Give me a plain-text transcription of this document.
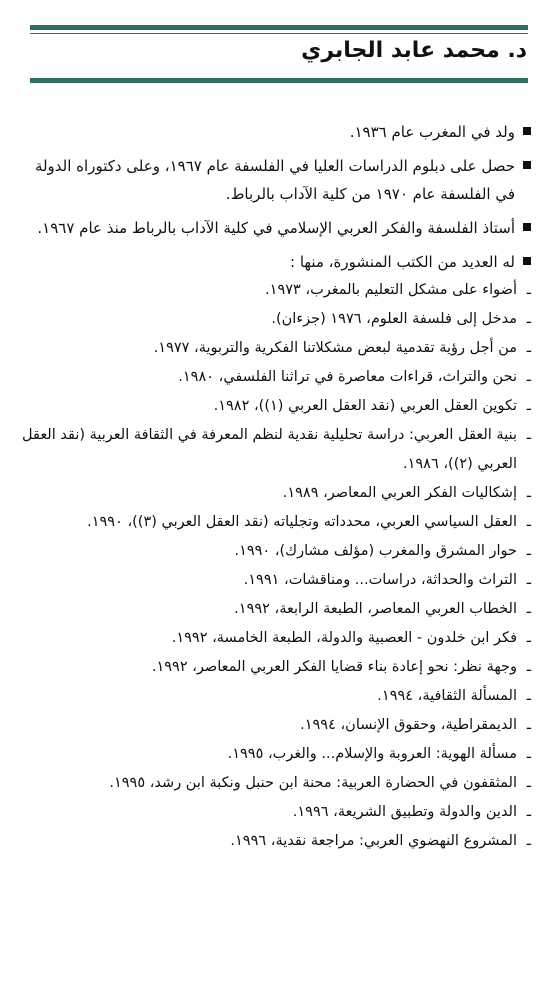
د. محمد عابد الجابري
ولد في المغرب عام ١٩٣٦.
حصل على دبلوم الدراسات العليا في الفلسفة عام ١٩٦٧، وعلى دكتوراه الدولة في الفلسفة عام ١٩٧٠ من كلية الآداب بالرباط.
أستاذ الفلسفة والفكر العربي الإسلامي في كلية الآداب بالرباط منذ عام ١٩٦٧.
له العديد من الكتب المنشورة، منها :
ـ
أضواء على مشكل التعليم بالمغرب، ١٩٧٣.
ـ
مدخل إلى فلسفة العلوم، ١٩٧٦ (جزءان).
ـ
من أجل رؤية تقدمية لبعض مشكلاتنا الفكرية والتربوية، ١٩٧٧.
ـ
نحن والتراث، قراءات معاصرة في تراثنا الفلسفي، ١٩٨٠.
ـ
تكوين العقل العربي (نقد العقل العربي (١))، ١٩٨٢.
ـ
بنية العقل العربي: دراسة تحليلية نقدية لنظم المعرفة في الثقافة العربية (نقد العقل العربي (٢))، ١٩٨٦.
ـ
إشكاليات الفكر العربي المعاصر، ١٩٨٩.
ـ
العقل السياسي العربي، محدداته وتجلياته (نقد العقل العربي (٣))، ١٩٩٠.
ـ
حوار المشرق والمغرب (مؤلف مشارك)، ١٩٩٠.
ـ
التراث والحداثة، دراسات... ومناقشات، ١٩٩١.
ـ
الخطاب العربي المعاصر، الطبعة الرابعة، ١٩٩٢.
ـ
فكر ابن خلدون - العصبية والدولة، الطبعة الخامسة، ١٩٩٢.
ـ
وجهة نظر: نحو إعادة بناء قضايا الفكر العربي المعاصر، ١٩٩٢.
ـ
المسألة الثقافية، ١٩٩٤.
ـ
الديمقراطية، وحقوق الإنسان، ١٩٩٤.
ـ
مسألة الهوية: العروبة والإسلام... والغرب، ١٩٩٥.
ـ
المثقفون في الحضارة العربية: محنة ابن حنبل ونكبة ابن رشد، ١٩٩٥.
ـ
الدين والدولة وتطبيق الشريعة، ١٩٩٦.
ـ
المشروع النهضوي العربي: مراجعة نقدية، ١٩٩٦.
